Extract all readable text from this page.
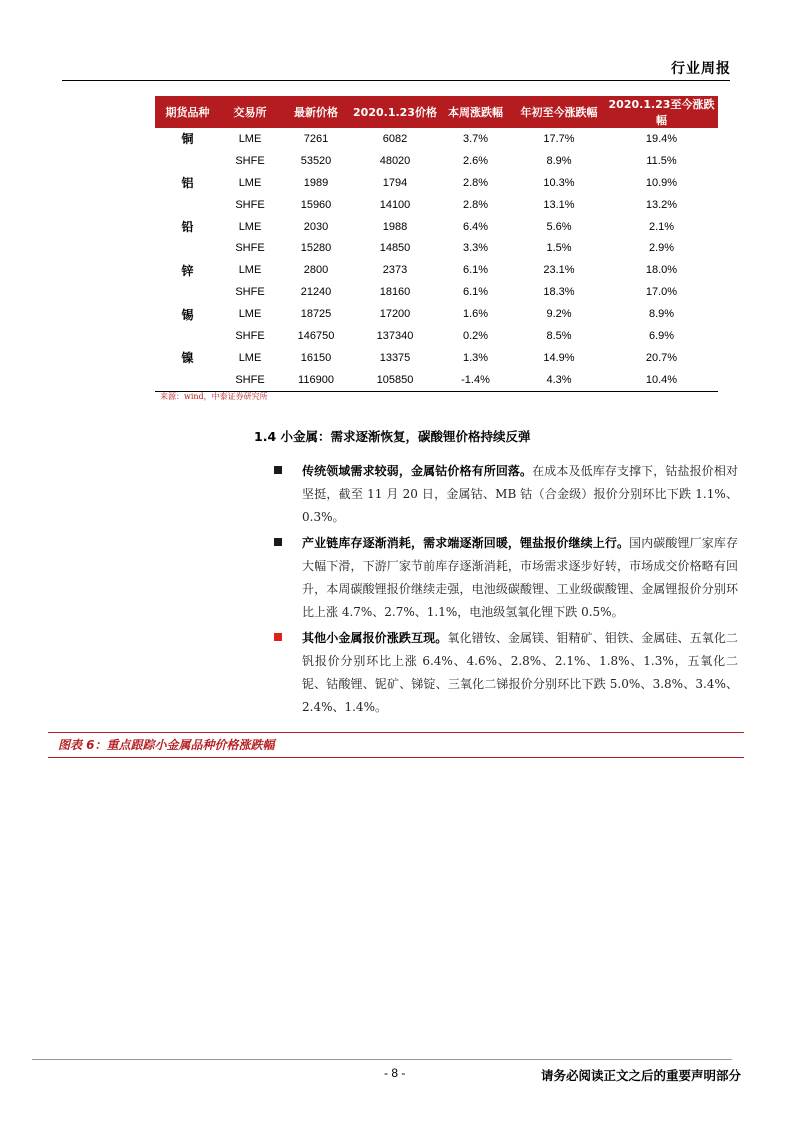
行业周报
期货品种	交易所	最新价格	2020.1.23价格	本周涨跌幅	年初至今涨跌幅	2020.1.23至今涨跌幅
铜	LME	7261	6082	3.7%	17.7%	19.4%
	SHFE	53520	48020	2.6%	8.9%	11.5%
铝	LME	1989	1794	2.8%	10.3%	10.9%
	SHFE	15960	14100	2.8%	13.1%	13.2%
铅	LME	2030	1988	6.4%	5.6%	2.1%
	SHFE	15280	14850	3.3%	1.5%	2.9%
锌	LME	2800	2373	6.1%	23.1%	18.0%
	SHFE	21240	18160	6.1%	18.3%	17.0%
锡	LME	18725	17200	1.6%	9.2%	8.9%
	SHFE	146750	137340	0.2%	8.5%	6.9%
镍	LME	16150	13375	1.3%	14.9%	20.7%
	SHFE	116900	105850	-1.4%	4.3%	10.4%
来源：wind，中泰证券研究所
1.4 小金属：需求逐渐恢复，碳酸锂价格持续反弹
传统领域需求较弱，金属钴价格有所回落。在成本及低库存支撑下，钴盐报价相对坚挺，截至 11 月 20 日，金属钴、MB 钴（合金级）报价分别环比下跌 1.1%、0.3%。
产业链库存逐渐消耗，需求端逐渐回暖，锂盐报价继续上行。国内碳酸锂厂家库存大幅下滑，下游厂家节前库存逐渐消耗，市场需求逐步好转，市场成交价格略有回升，本周碳酸锂报价继续走强，电池级碳酸锂、工业级碳酸锂、金属锂报价分别环比上涨 4.7%、2.7%、1.1%，电池级氢氧化锂下跌 0.5%。
其他小金属报价涨跌互现。氧化镨钕、金属镁、钼精矿、钼铁、金属硅、五氧化二钒报价分别环比上涨 6.4%、4.6%、2.8%、2.1%、1.8%、1.3%，五氧化二铌、钴酸锂、铌矿、锑锭、三氧化二锑报价分别环比下跌 5.0%、3.8%、3.4%、2.4%、1.4%。
图表 6：重点跟踪小金属品种价格涨跌幅
- 8 -	请务必阅读正文之后的重要声明部分
